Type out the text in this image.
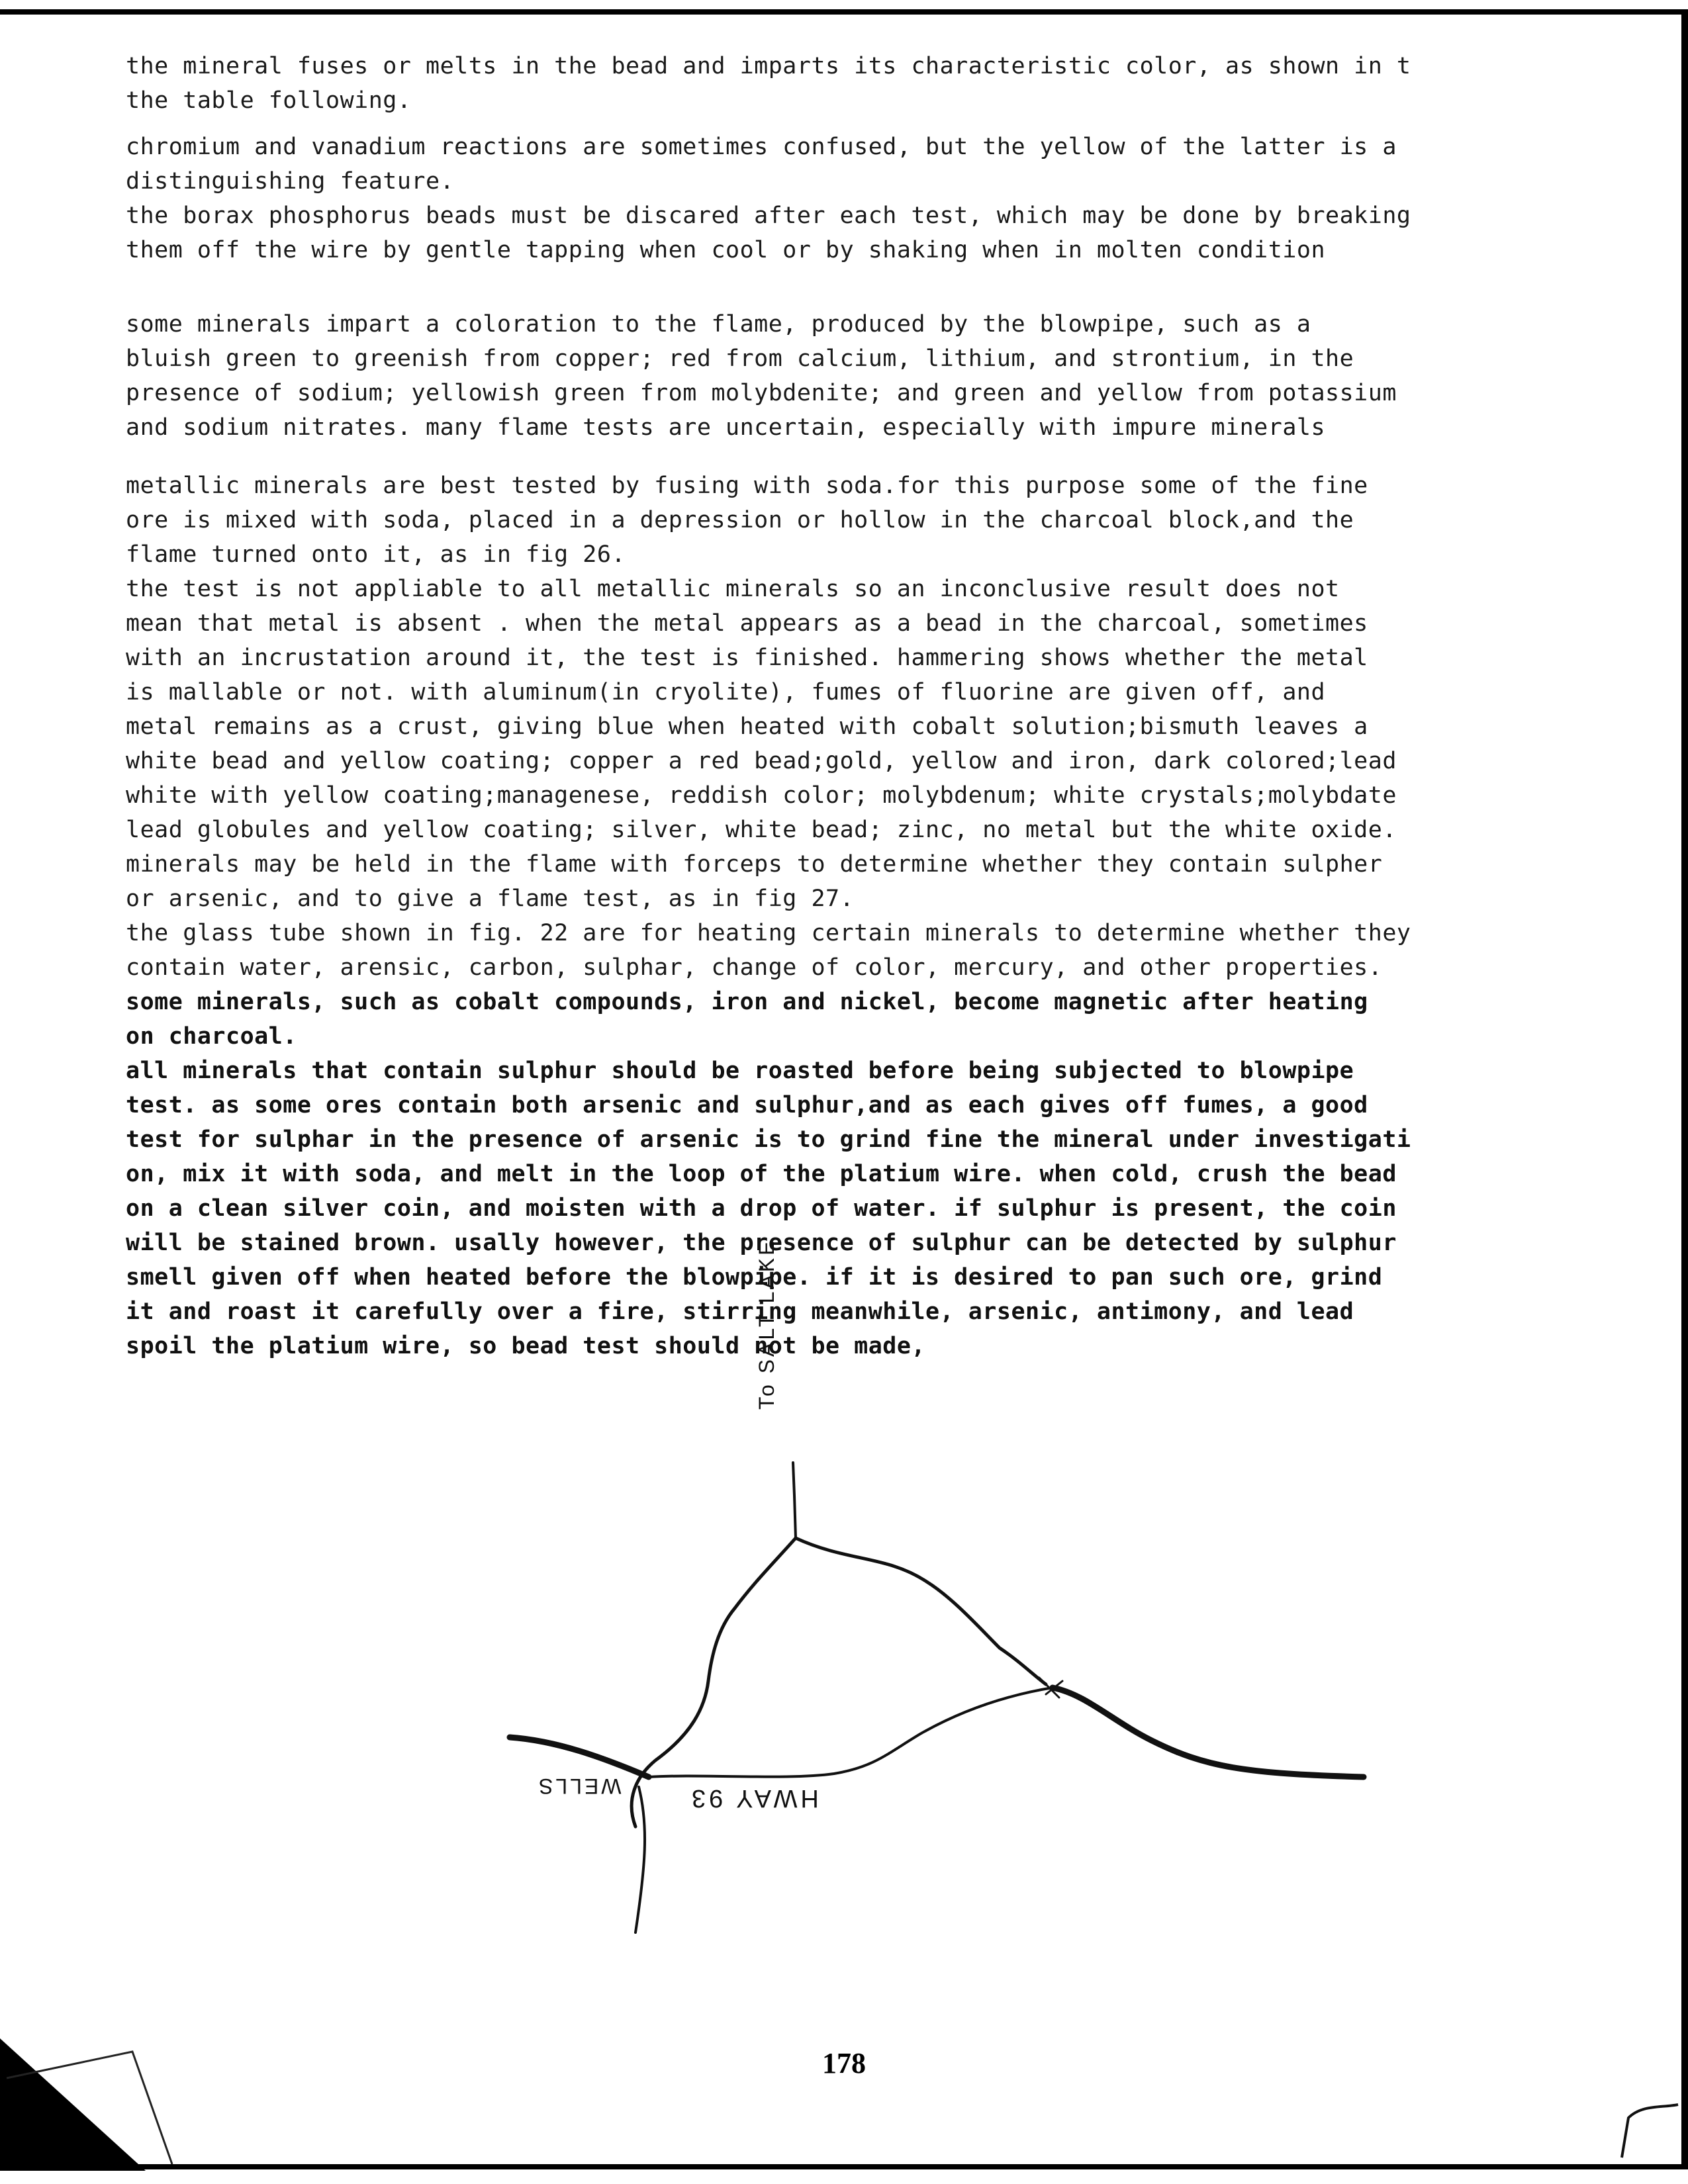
the mineral fuses or melts in the bead and imparts its characteristic color, as shown in t
the table following.
chromium and vanadium reactions are sometimes confused, but the yellow of the latter is a
distinguishing feature.
the borax phosphorus beads must be discared after each test, which may be done by breaking
them off the wire by gentle tapping when cool or by shaking when in molten condition
some minerals impart a coloration to the flame, produced by the blowpipe, such as a
bluish green to greenish from copper; red from calcium, lithium, and strontium, in the
presence of sodium; yellowish green from molybdenite; and green and yellow from potassium
and sodium nitrates. many flame tests are uncertain, especially with impure minerals
metallic minerals are best tested by fusing with soda.for this purpose some of the fine
ore is mixed with soda, placed in a depression or hollow in the charcoal block,and the
flame turned onto it, as in fig 26.
the test is not appliable to all metallic minerals so an inconclusive result does not
mean that metal is absent . when the metal appears as a bead in the charcoal, sometimes
with an incrustation around it, the test is finished. hammering shows whether the metal
is mallable or not. with aluminum(in cryolite), fumes of fluorine are given off, and
metal remains as a crust, giving blue when heated with cobalt solution;bismuth leaves a
white bead and yellow coating; copper a red bead;gold, yellow and iron, dark colored;lead
white with yellow coating;managenese, reddish color; molybdenum; white crystals;molybdate
lead globules and yellow coating; silver, white bead; zinc, no metal but the white oxide.
minerals may be held in the flame with forceps to determine whether they contain sulpher
or arsenic, and to give a flame test, as in fig 27.
the glass tube shown in fig. 22 are for heating certain minerals to determine whether they
contain water, arensic, carbon, sulphar, change of color, mercury, and other properties.
some minerals, such as cobalt compounds, iron and nickel, become magnetic after heating
on charcoal.
all minerals that contain sulphur should be roasted before being subjected to blowpipe
test. as some ores contain both arsenic and sulphur,and as each gives off fumes, a good
test for sulphar in the presence of arsenic is to grind fine the mineral under investigati
on, mix it with soda, and melt in the loop of the platium wire. when cold, crush the bead
on a clean silver coin, and moisten with a drop of water. if sulphur is present, the coin
will be stained brown. usally however, the presence of sulphur can be detected by sulphur
smell given off when heated before the blowpipe. if it is desired to pan such ore, grind
it and roast it carefully over a fire, stirring meanwhile, arsenic, antimony, and lead
spoil the platium wire, so bead test should not be made,
To SALT LAKE
WELLS	HWAY 93
178
